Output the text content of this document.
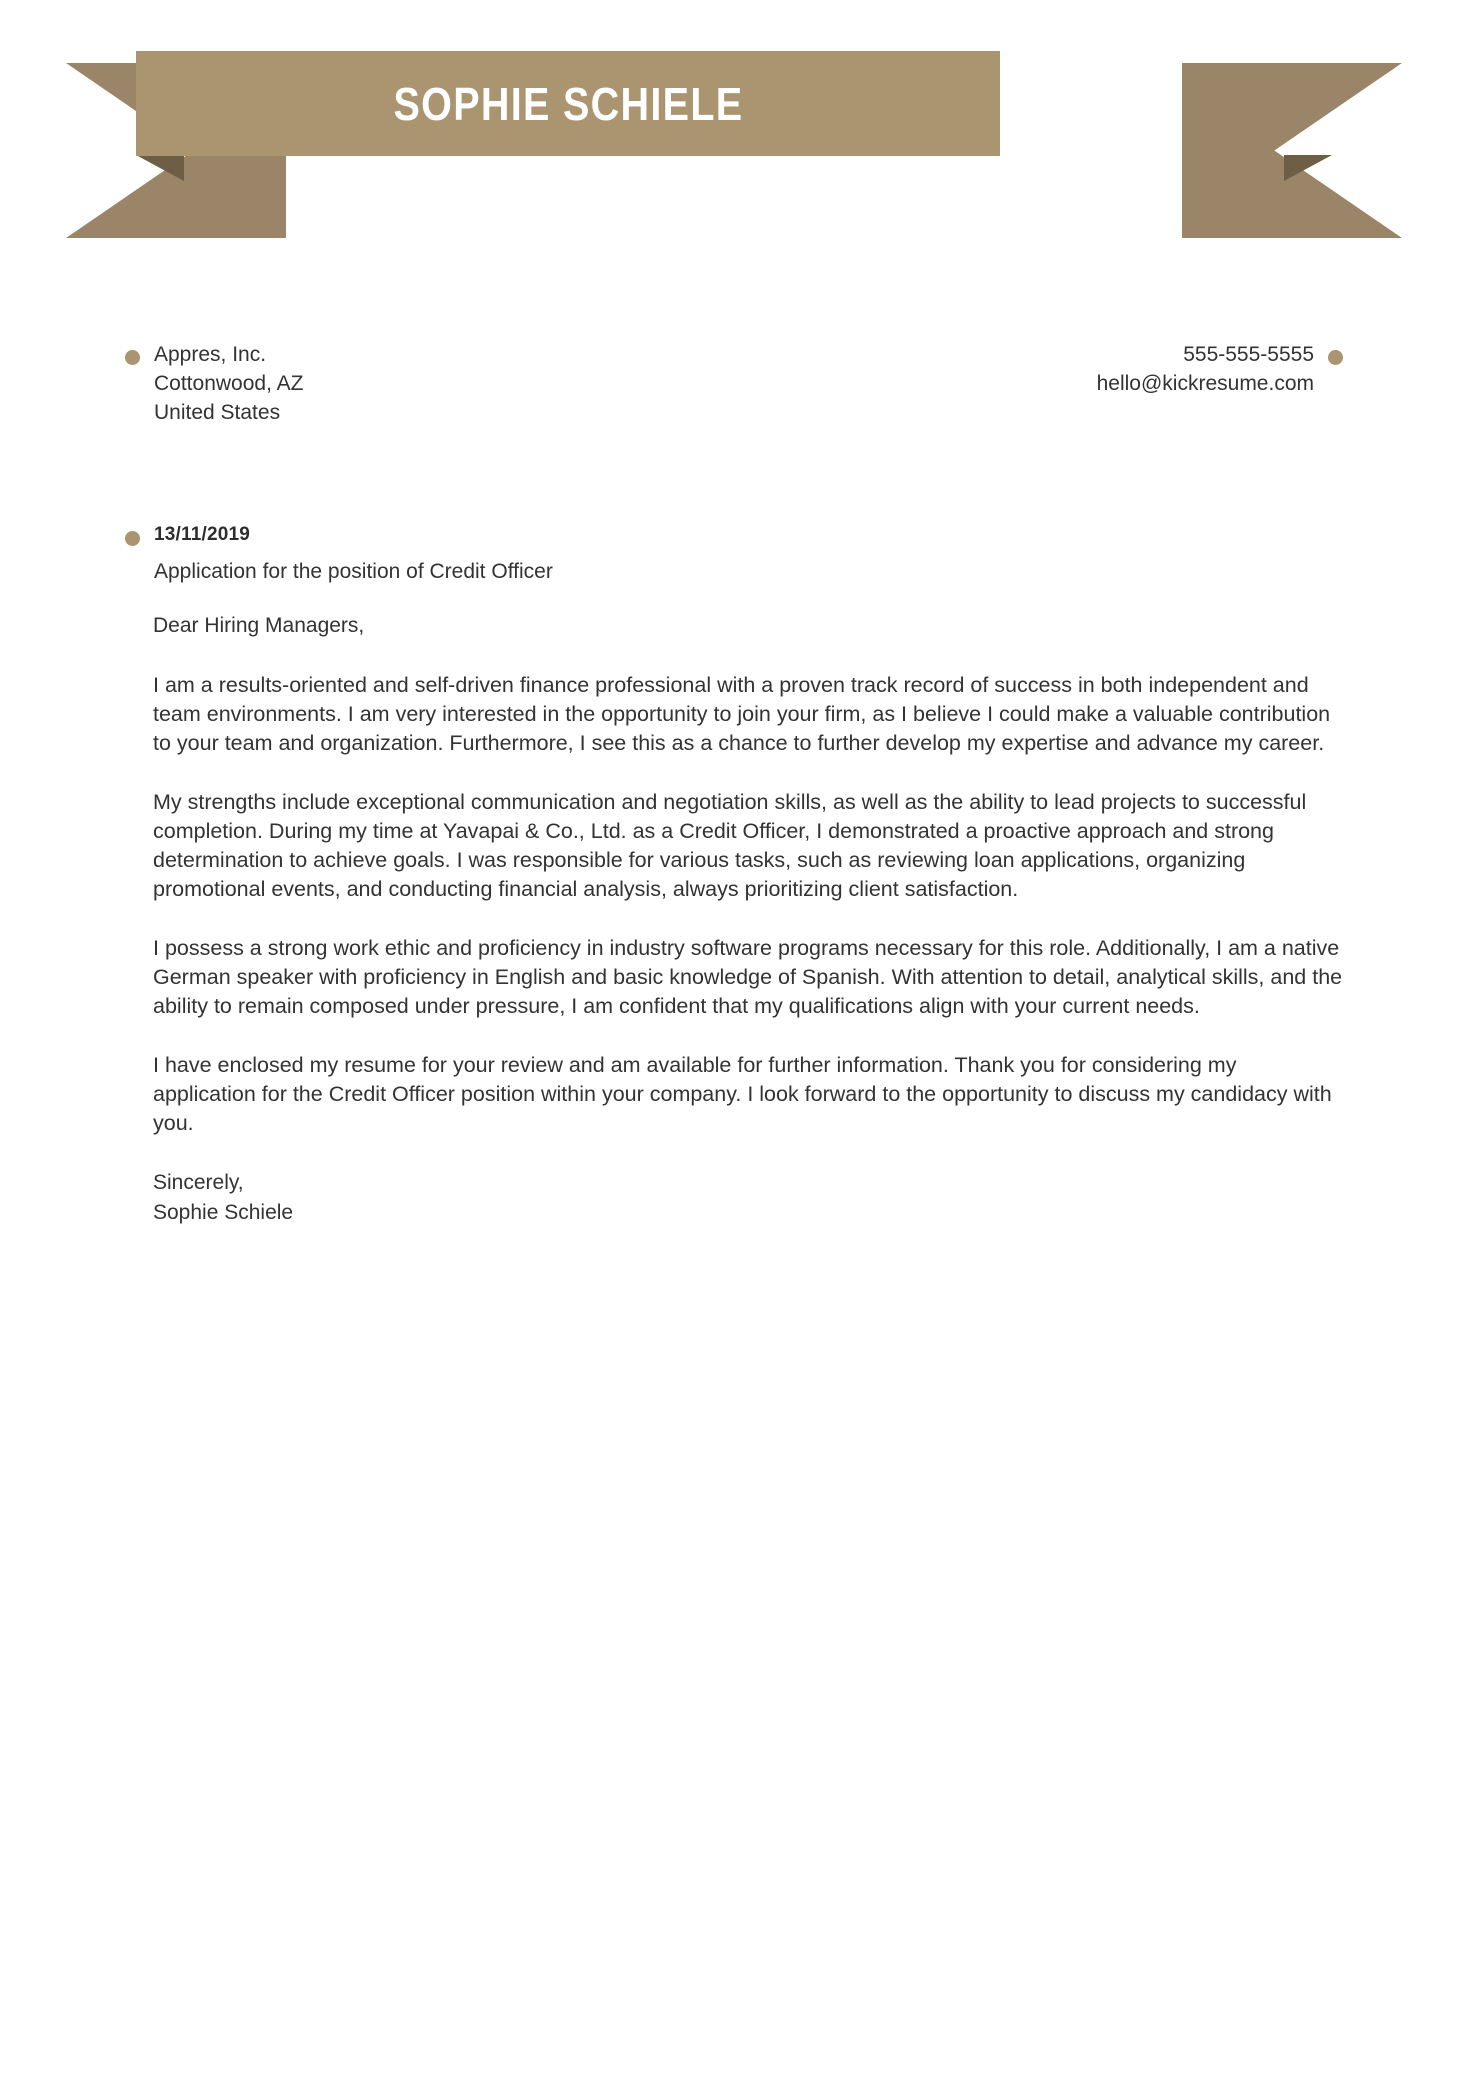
SOPHIE SCHIELE
Appres, Inc.
Cottonwood, AZ
United States
555-555-5555
hello@kickresume.com
13/11/2019
Application for the position of Credit Officer
Dear Hiring Managers,
I am a results-oriented and self-driven finance professional with a proven track record of success in both independent and team environments. I am very interested in the opportunity to join your firm, as I believe I could make a valuable contribution to your team and organization. Furthermore, I see this as a chance to further develop my expertise and advance my career.
My strengths include exceptional communication and negotiation skills, as well as the ability to lead projects to successful completion. During my time at Yavapai & Co., Ltd. as a Credit Officer, I demonstrated a proactive approach and strong determination to achieve goals. I was responsible for various tasks, such as reviewing loan applications, organizing promotional events, and conducting financial analysis, always prioritizing client satisfaction.
I possess a strong work ethic and proficiency in industry software programs necessary for this role. Additionally, I am a native German speaker with proficiency in English and basic knowledge of Spanish. With attention to detail, analytical skills, and the ability to remain composed under pressure, I am confident that my qualifications align with your current needs.
I have enclosed my resume for your review and am available for further information. Thank you for considering my application for the Credit Officer position within your company. I look forward to the opportunity to discuss my candidacy with you.
Sincerely,
Sophie Schiele
